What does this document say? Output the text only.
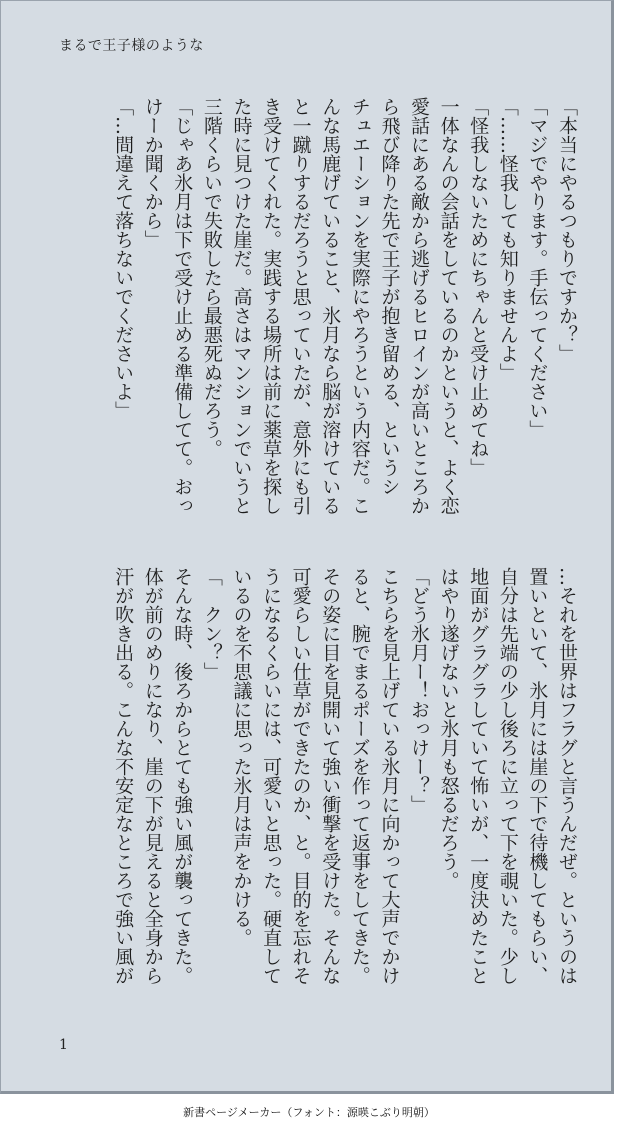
まるで王子様のような
「本当にやるつもりですか？」
「マジでやります。手伝ってください」
「……怪我しても知りませんよ」
「怪我しないためにちゃんと受け止めてね」
一体なんの会話をしているのかというと、よく恋
愛話にある敵から逃げるヒロインが高いところか
ら飛び降りた先で王子が抱き留める、というシ
チュエーションを実際にやろうという内容だ。こ
んな馬鹿げていること、氷月なら脳が溶けている
と一蹴りするだろうと思っていたが、意外にも引
き受けてくれた。実践する場所は前に薬草を探し
た時に見つけた崖だ。高さはマンションでいうと
三階くらいで失敗したら最悪死ぬだろう。
「じゃあ氷月は下で受け止める準備してて。おっ
けーか聞くから」
「…間違えて落ちないでくださいよ」
…それを世界はフラグと言うんだぜ。というのは
置いといて、氷月には崖の下で待機してもらい、
自分は先端の少し後ろに立って下を覗いた。少し
地面がグラグラしていて怖いが、一度決めたこと
はやり遂げないと氷月も怒るだろう。
「どう氷月ー！おっけー？」
こちらを見上げている氷月に向かって大声でかけ
ると、腕でまるポーズを作って返事をしてきた。
その姿に目を見開いて強い衝撃を受けた。そんな
可愛らしい仕草ができたのか、と。目的を忘れそ
うになるくらいには、可愛いと思った。硬直して
いるのを不思議に思った氷月は声をかける。
「　クン？」
そんな時、後ろからとても強い風が襲ってきた。
体が前のめりになり、崖の下が見えると全身から
汗が吹き出る。こんな不安定なところで強い風が
1
新書ページメーカー（フォント：源暎こぶり明朝）
